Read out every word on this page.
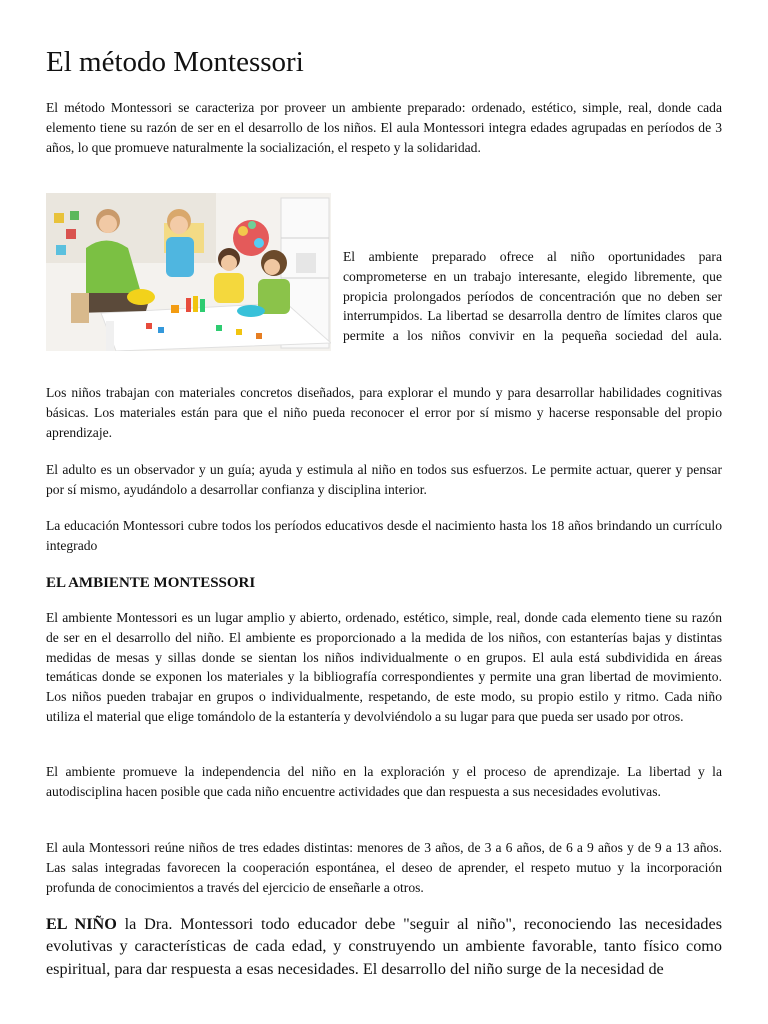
El método Montessori

El método Montessori se caracteriza por proveer un ambiente preparado: ordenado, estético, simple, real, donde cada elemento tiene su razón de ser en el desarrollo de los niños. El aula Montessori integra edades agrupadas en períodos de 3 años, lo que promueve naturalmente la socialización, el respeto y la solidaridad.

El ambiente preparado ofrece al niño oportunidades para comprometerse en un trabajo interesante, elegido libremente, que propicia prolongados períodos de concentración que no deben ser interrumpidos. La libertad se desarrolla dentro de límites claros que permite a los niños convivir en la pequeña sociedad del aula.

Los niños trabajan con materiales concretos diseñados, para explorar el mundo y para desarrollar habilidades cognitivas básicas. Los materiales están para que el niño pueda reconocer el error por sí mismo y hacerse responsable del propio aprendizaje.

El adulto es un observador y un guía; ayuda y estimula al niño en todos sus esfuerzos. Le permite actuar, querer y pensar por sí mismo, ayudándolo a desarrollar confianza y disciplina interior.

La educación Montessori cubre todos los períodos educativos desde el nacimiento hasta los 18 años brindando un currículo integrado

EL AMBIENTE MONTESSORI

El ambiente Montessori es un lugar amplio y abierto, ordenado, estético, simple, real, donde cada elemento tiene su razón de ser en el desarrollo del niño. El ambiente es proporcionado a la medida de los niños, con estanterías bajas y distintas medidas de mesas y sillas donde se sientan los niños individualmente o en grupos. El aula está subdividida en áreas temáticas donde se exponen los materiales y la bibliografía correspondientes y permite una gran libertad de movimiento. Los niños pueden trabajar en grupos o individualmente, respetando, de este modo, su propio estilo y ritmo. Cada niño utiliza el material que elige tomándolo de la estantería y devolviéndolo a su lugar para que pueda ser usado por otros.

El ambiente promueve la independencia del niño en la exploración y el proceso de aprendizaje. La libertad y la autodisciplina hacen posible que cada niño encuentre actividades que dan respuesta a sus necesidades evolutivas.

El aula Montessori reúne niños de tres edades distintas: menores de 3 años, de 3 a 6 años, de 6 a 9 años y de 9 a 13 años. Las salas integradas favorecen la cooperación espontánea, el deseo de aprender, el respeto mutuo y la incorporación profunda de conocimientos a través del ejercicio de enseñarle a otros.

EL NIÑO la Dra. Montessori todo educador debe "seguir al niño", reconociendo las necesidades evolutivas y características de cada edad, y construyendo un ambiente favorable, tanto físico como espiritual, para dar respuesta a esas necesidades. El desarrollo del niño surge de la necesidad de
